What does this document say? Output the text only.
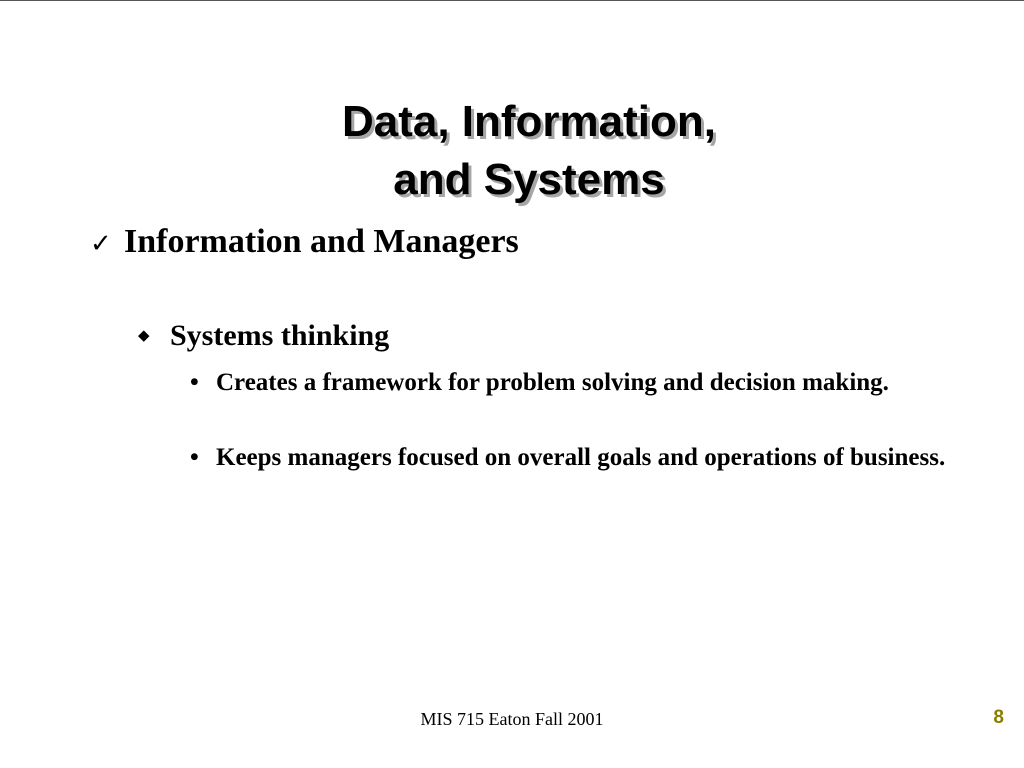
Data, Information,
and Systems
✓ Information and Managers
◆ Systems thinking
• Creates a framework for problem solving and decision making.
• Keeps managers focused on overall goals and operations of business.
MIS 715 Eaton Fall 2001	8
